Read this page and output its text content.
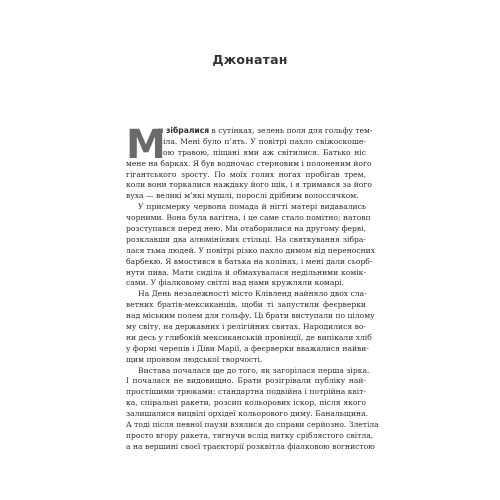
Джонатан
М
и зібралися в сутінках, зелень поля для гольфу тем-
ніла. Мені було п’ять. У повітрі пахло свіжоскоше-
ною травою, піщані ями аж світилися. Батько ніс
мене на барках. Я був водночас стерновим і полоненим його
гігантського зросту. По моїх голих ногах пробігав трем,
коли вони торкалися наждаку його щік, і я тримався за його
вуха — великі м’які мушлі, порослі дрібним волоссячком.
У присмерку червона помада й нігті матері видавались
чорними. Вона була вагітна, і це саме стало помітно; натовп
розступався перед нею. Ми отаборилися на другому ферві,
розклавши два алюмінієвих стільці. На святкування зібра-
лася тьма людей. У повітрі різко пахло димом від переносних
барбекю. Я вмостився в батька на колінах, і мені дали сьорб-
нути пива. Мати сиділа й обмахувалася недільними комік-
сами. У фіалковому світлі над нами кружляли комарі.
На День незалежності місто Клівленд найняло двох сла-
ветних братів-мексиканців, щоби ті запустили феєрверки
над міським полем для гольфу. Ці брати виступали по цілому
му світу, на державних і релігійних святах. Народилися во-
ни десь у глибокій мексиканській провінції, де випікали хліб
у формі черепів і Діви Марії, а феєрверки вважалися найви-
щим проявом людської творчості.
Вистава почалася ще до того, як загорілася перша зірка.
І почалася не видовищно. Брати розігрівали публіку най-
простішими трюками: стандартна подвійна і потрійна квіт-
ка, спіральні ракети, розсип кольорових іскор, після якого
залишалися вицвілі орхідеї кольорового диму. Банальщина.
А тоді після певної паузи взялися до справи серйозно. Злетіла
просто вгору ракета, тягнучи вслід нитку сріблястого світла,
а на вершині своєї траєкторії розквітла фіалковою вогнистою
